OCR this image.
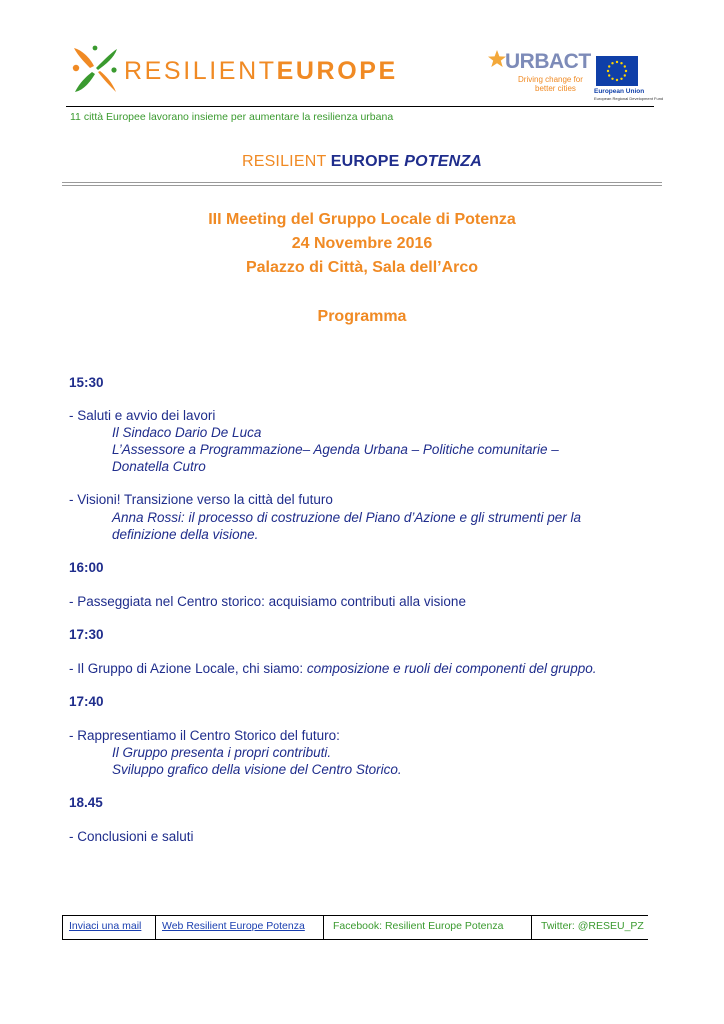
RESILIENTEUROPE	URBACT
Driving change for
better cities	European Union
European Regional Development Fund
11 città Europee lavorano insieme per aumentare la resilienza urbana
RESILIENT EUROPE POTENZA
III Meeting del Gruppo Locale di Potenza
24 Novembre 2016
Palazzo di Città, Sala dell’Arco
Programma
15:30
- Saluti e avvio dei lavori
Il Sindaco Dario De Luca
L’Assessore a Programmazione– Agenda Urbana – Politiche comunitarie –
Donatella Cutro
- Visioni! Transizione verso la città del futuro
Anna Rossi: il processo di costruzione del Piano d’Azione e gli strumenti per la
definizione della visione.
16:00
- Passeggiata nel Centro storico: acquisiamo contributi alla visione
17:30
- Il Gruppo di Azione Locale, chi siamo: composizione e ruoli dei componenti del gruppo.
17:40
- Rappresentiamo il Centro Storico del futuro:
Il Gruppo presenta i propri contributi.
Sviluppo grafico della visione del Centro Storico.
18.45
- Conclusioni e saluti
Inviaci una mail Web Resilient Europe Potenza	Facebook: Resilient Europe Potenza	Twitter: @RESEU_PZ
